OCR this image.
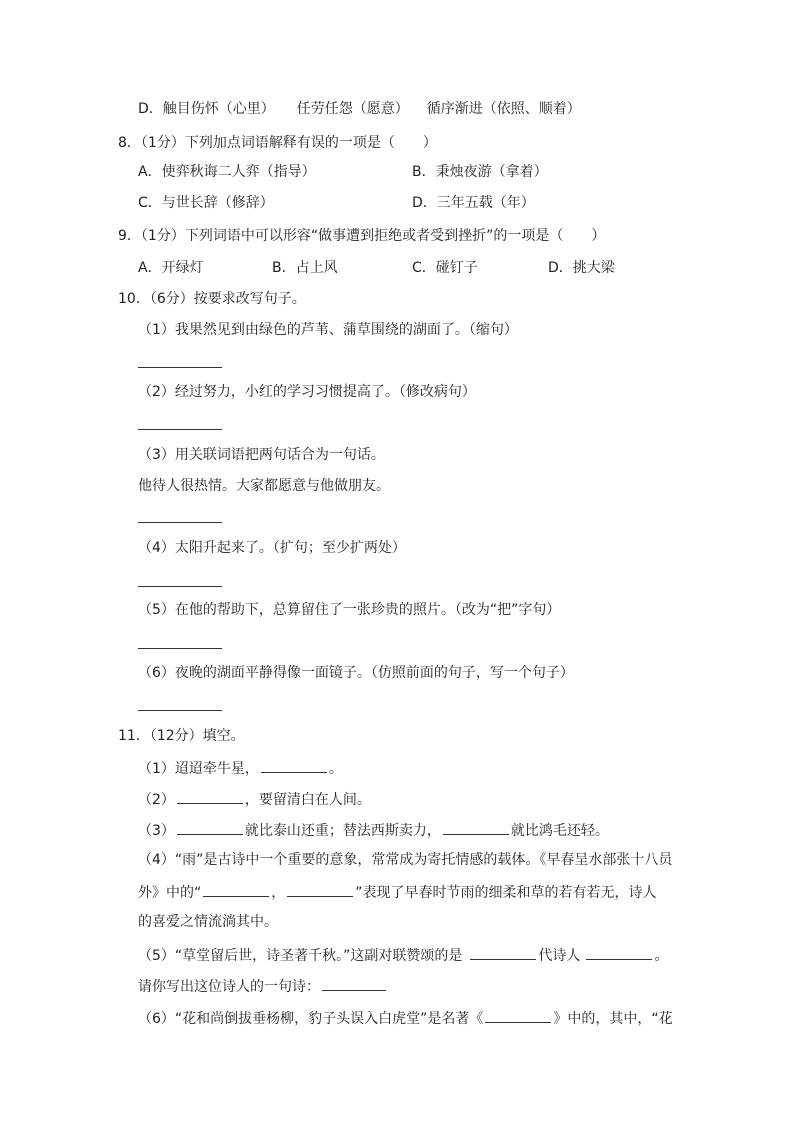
D．触目伤怀（心里） 任劳任怨（愿意） 循序渐进（依照、顺着）
8．（1分）下列加点词语解释有误的一项是（　　）
A．使弈秋诲二人弈（指导）	B．秉烛夜游（拿着）
C．与世长辞（修辞）	D．三年五载（年）
9．（1分）下列词语中可以形容“做事遭到拒绝或者受到挫折”的一项是（　　）
A．开绿灯	B．占上风	C．碰钉子	D．挑大梁
10．（6分）按要求改写句子。
（1）我果然见到由绿色的芦苇、蒲草围绕的湖面了。（缩句）
（2）经过努力，小红的学习习惯提高了。（修改病句）
（3）用关联词语把两句话合为一句话。
他待人很热情。大家都愿意与他做朋友。
（4）太阳升起来了。（扩句；至少扩两处）
（5）在他的帮助下，总算留住了一张珍贵的照片。（改为“把”字句）
（6）夜晚的湖面平静得像一面镜子。（仿照前面的句子，写一个句子）
11．（12分）填空。
（1）迢迢牵牛星，	。
（2）	，要留清白在人间。
（3）	就比泰山还重；替法西斯卖力，	就比鸿毛还轻。
（4）“雨”是古诗中一个重要的意象，常常成为寄托情感的载体。《早春呈水部张十八员
外》中的“	，	”表现了早春时节雨的细柔和草的若有若无，诗人
的喜爱之情流淌其中。
（5）“草堂留后世，诗圣著千秋。”这副对联赞颂的是	代诗人	。
请你写出这位诗人的一句诗：
（6）“花和尚倒拔垂杨柳，豹子头误入白虎堂”是名著《	》中的，其中，“花
